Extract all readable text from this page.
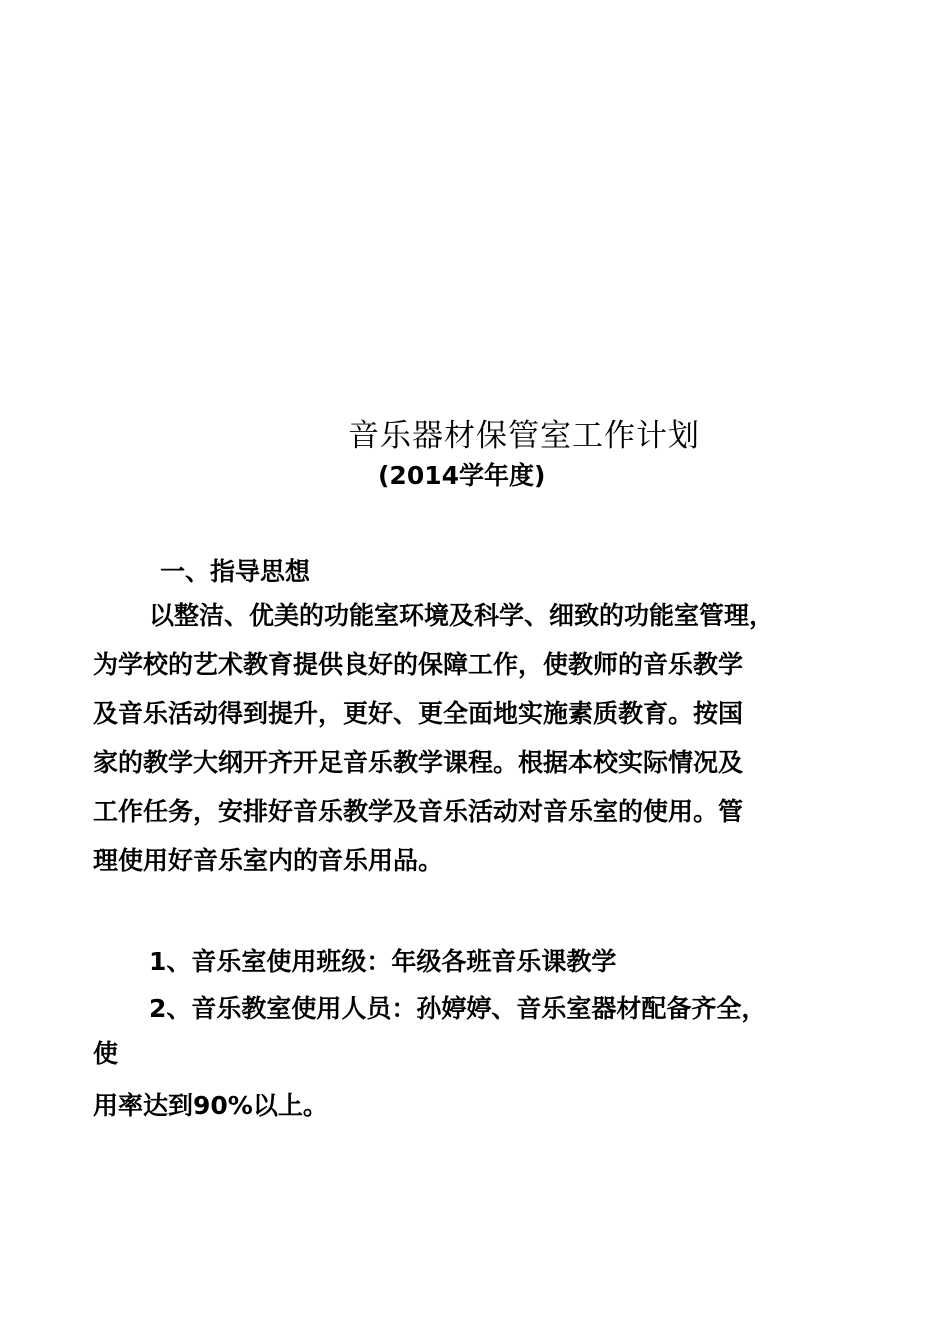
音乐器材保管室工作计划
(2014学年度)
一、指导思想
以整洁、优美的功能室环境及科学、细致的功能室管理，
为学校的艺术教育提供良好的保障工作，使教师的音乐教学
及音乐活动得到提升，更好、更全面地实施素质教育。按国
家的教学大纲开齐开足音乐教学课程。根据本校实际情况及
工作任务，安排好音乐教学及音乐活动对音乐室的使用。管
理使用好音乐室内的音乐用品。
1、音乐室使用班级：年级各班音乐课教学
2、音乐教室使用人员：孙婷婷、音乐室器材配备齐全，
使
用率达到90%以上。
